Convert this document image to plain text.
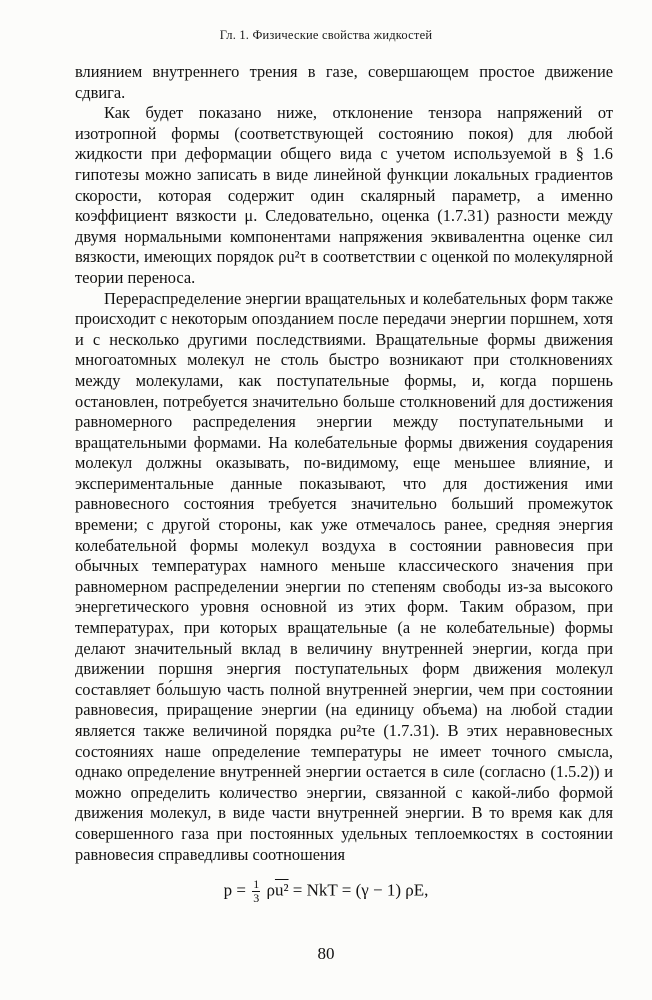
Гл. 1. Физические свойства жидкостей

влиянием внутреннего трения в газе, совершающем простое движение сдвига.

Как будет показано ниже, отклонение тензора напряжений от изотропной формы (соответствующей состоянию покоя) для любой жидкости при деформации общего вида с учетом используемой в § 1.6 гипотезы можно записать в виде линейной функции локальных градиентов скорости, которая содержит один скалярный параметр, а именно коэффициент вязкости μ. Следовательно, оценка (1.7.31) разности между двумя нормальными компонентами напряжения эквивалентна оценке сил вязкости, имеющих порядок ρu²τ в соответствии с оценкой по молекулярной теории переноса.

Перераспределение энергии вращательных и колебательных форм также происходит с некоторым опозданием после передачи энергии поршнем, хотя и с несколько другими последствиями. Вращательные формы движения многоатомных молекул не столь быстро возникают при столкновениях между молекулами, как поступательные формы, и, когда поршень остановлен, потребуется значительно больше столкновений для достижения равномерного распределения энергии между поступательными и вращательными формами. На колебательные формы движения соударения молекул должны оказывать, по-видимому, еще меньшее влияние, и экспериментальные данные показывают, что для достижения ими равновесного состояния требуется значительно больший промежуток времени; с другой стороны, как уже отмечалось ранее, средняя энергия колебательной формы молекул воздуха в состоянии равновесия при обычных температурах намного меньше классического значения при равномерном распределении энергии по степеням свободы из-за высокого энергетического уровня основной из этих форм. Таким образом, при температурах, при которых вращательные (а не колебательные) формы делают значительный вклад в величину внутренней энергии, когда при движении поршня энергия поступательных форм движения молекул составляет бо́льшую часть полной внутренней энергии, чем при состоянии равновесия, приращение энергии (на единицу объема) на любой стадии является также величиной порядка ρu²τe (1.7.31). В этих неравновесных состояниях наше определение температуры не имеет точного смысла, однако определение внутренней энергии остается в силе (согласно (1.5.2)) и можно определить количество энергии, связанной с какой-либо формой движения молекул, в виде части внутренней энергии. В то время как для совершенного газа при постоянных удельных теплоемкостях в состоянии равновесия справедливы соотношения

$p = \frac{1}{3} \rho u^2$ = NkT = (γ − 1) ρE,
80
